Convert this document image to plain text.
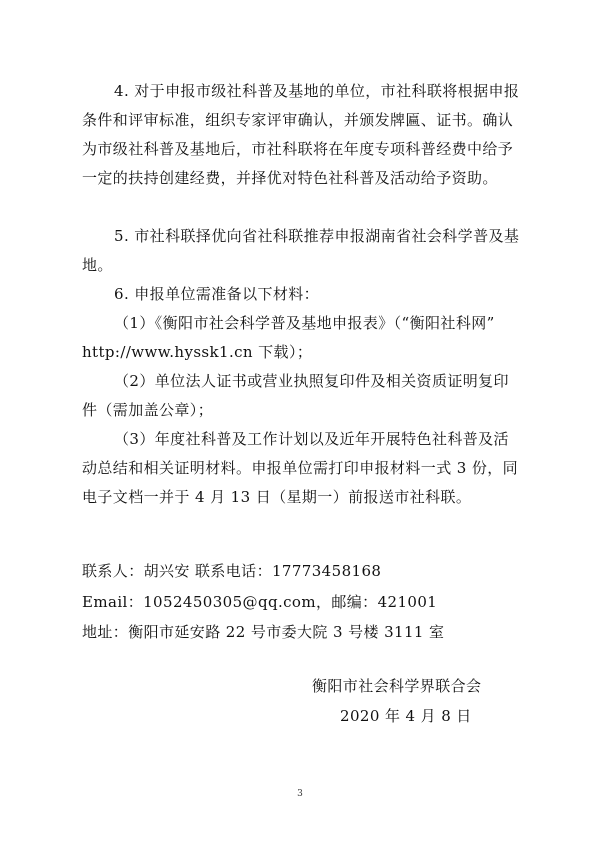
4. 对于申报市级社科普及基地的单位，市社科联将根据申报条件和评审标准，组织专家评审确认，并颁发牌匾、证书。确认为市级社科普及基地后，市社科联将在年度专项科普经费中给予一定的扶持创建经费，并择优对特色社科普及活动给予资助。

5. 市社科联择优向省社科联推荐申报湖南省社会科学普及基地。

6. 申报单位需准备以下材料：

（1）《衡阳市社会科学普及基地申报表》（“衡阳社科网” http://www.hyssk1.cn 下载）；

（2）单位法人证书或营业执照复印件及相关资质证明复印件（需加盖公章）；

（3）年度社科普及工作计划以及近年开展特色社科普及活动总结和相关证明材料。申报单位需打印申报材料一式 3 份，同电子文档一并于 4 月 13 日（星期一）前报送市社科联。

联系人：胡兴安 联系电话：17773458168

Email：1052450305@qq.com，邮编：421001

地址：衡阳市延安路 22 号市委大院 3 号楼 3111 室

衡阳市社会科学界联合会

2020 年 4 月 8 日

3
